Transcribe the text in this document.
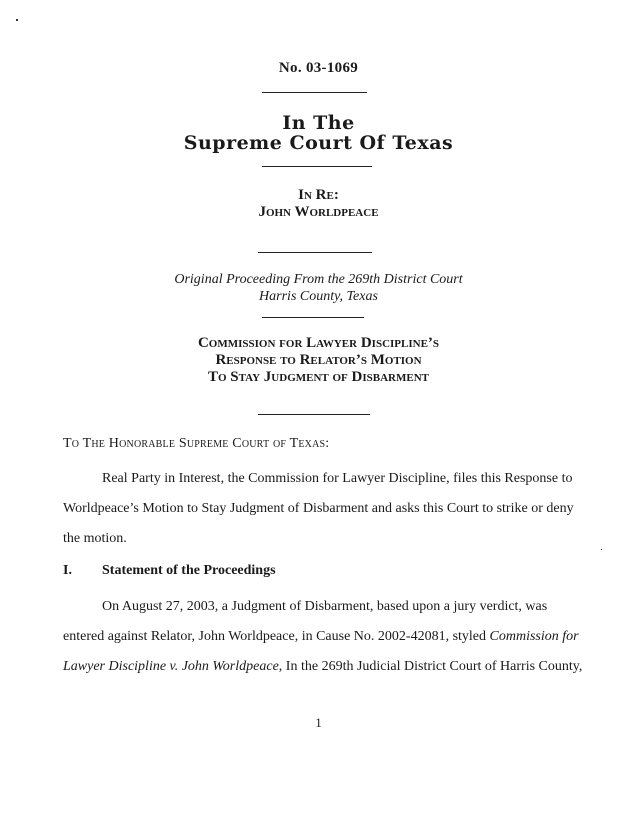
No. 03-1069
In The
Supreme Court Of Texas
In Re:
John Worldpeace
Original Proceeding From the 269th District Court
Harris County, Texas
Commission for Lawyer Discipline’s
Response to Relator’s Motion
To Stay Judgment of Disbarment
To The Honorable Supreme Court of Texas:
Real Party in Interest, the Commission for Lawyer Discipline, files this Response to
Worldpeace’s Motion to Stay Judgment of Disbarment and asks this Court to strike or deny
the motion.
I. Statement of the Proceedings
On August 27, 2003, a Judgment of Disbarment, based upon a jury verdict, was
entered against Relator, John Worldpeace, in Cause No. 2002-42081, styled Commission for
Lawyer Discipline v. John Worldpeace, In the 269th Judicial District Court of Harris County,
1
